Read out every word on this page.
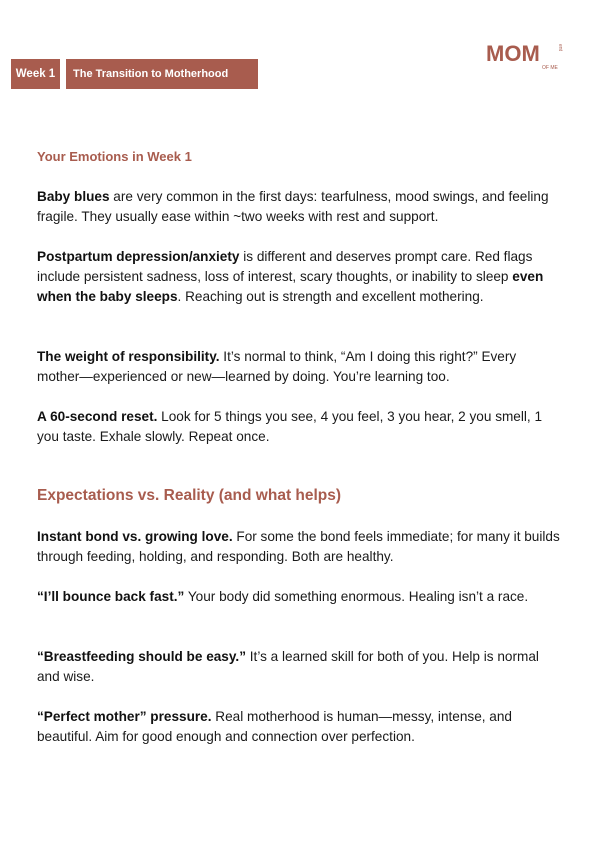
Week 1 The Transition to Motherhood
MOM	ent
OF ME
Your Emotions in Week 1

Baby blues are very common in the first days: tearfulness, mood swings, and feeling fragile. They usually ease within ~two weeks with rest and support.

Postpartum depression/anxiety is different and deserves prompt care. Red flags include persistent sadness, loss of interest, scary thoughts, or inability to sleep even when the baby sleeps. Reaching out is strength and excellent mothering.

The weight of responsibility. It’s normal to think, “Am I doing this right?” Every mother—experienced or new—learned by doing. You’re learning too.

A 60-second reset. Look for 5 things you see, 4 you feel, 3 you hear, 2 you smell, 1 you taste. Exhale slowly. Repeat once.

Expectations vs. Reality (and what helps)

Instant bond vs. growing love. For some the bond feels immediate; for many it builds through feeding, holding, and responding. Both are healthy.

“I’ll bounce back fast.” Your body did something enormous. Healing isn’t a race.

“Breastfeeding should be easy.” It’s a learned skill for both of you. Help is normal and wise.

“Perfect mother” pressure. Real motherhood is human—messy, intense, and beautiful. Aim for good enough and connection over perfection.
